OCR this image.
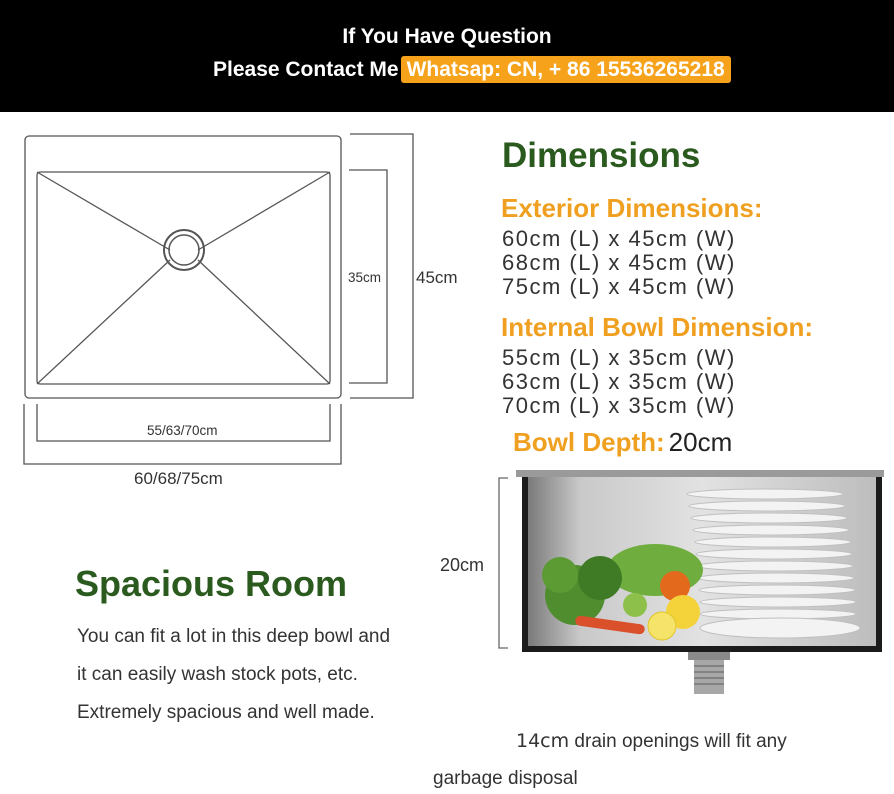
If You Have Question
Please Contact Me Whatsap: CN, + 86 15536265218
35cm 45cm
55/63/70cm
60/68/75cm
Dimensions
Exterior Dimensions:
60cm (L) x 45cm (W)
68cm (L) x 45cm (W)
75cm (L) x 45cm (W)
Internal Bowl Dimension:
55cm (L) x 35cm (W)
63cm (L) x 35cm (W)
70cm (L) x 35cm (W)
Bowl Depth: 20cm
Spacious Room
You can fit a lot in this deep bowl and
it can easily wash stock pots, etc.
Extremely spacious and well made.
20cm
14cm drain openings will fit any
garbage disposal
